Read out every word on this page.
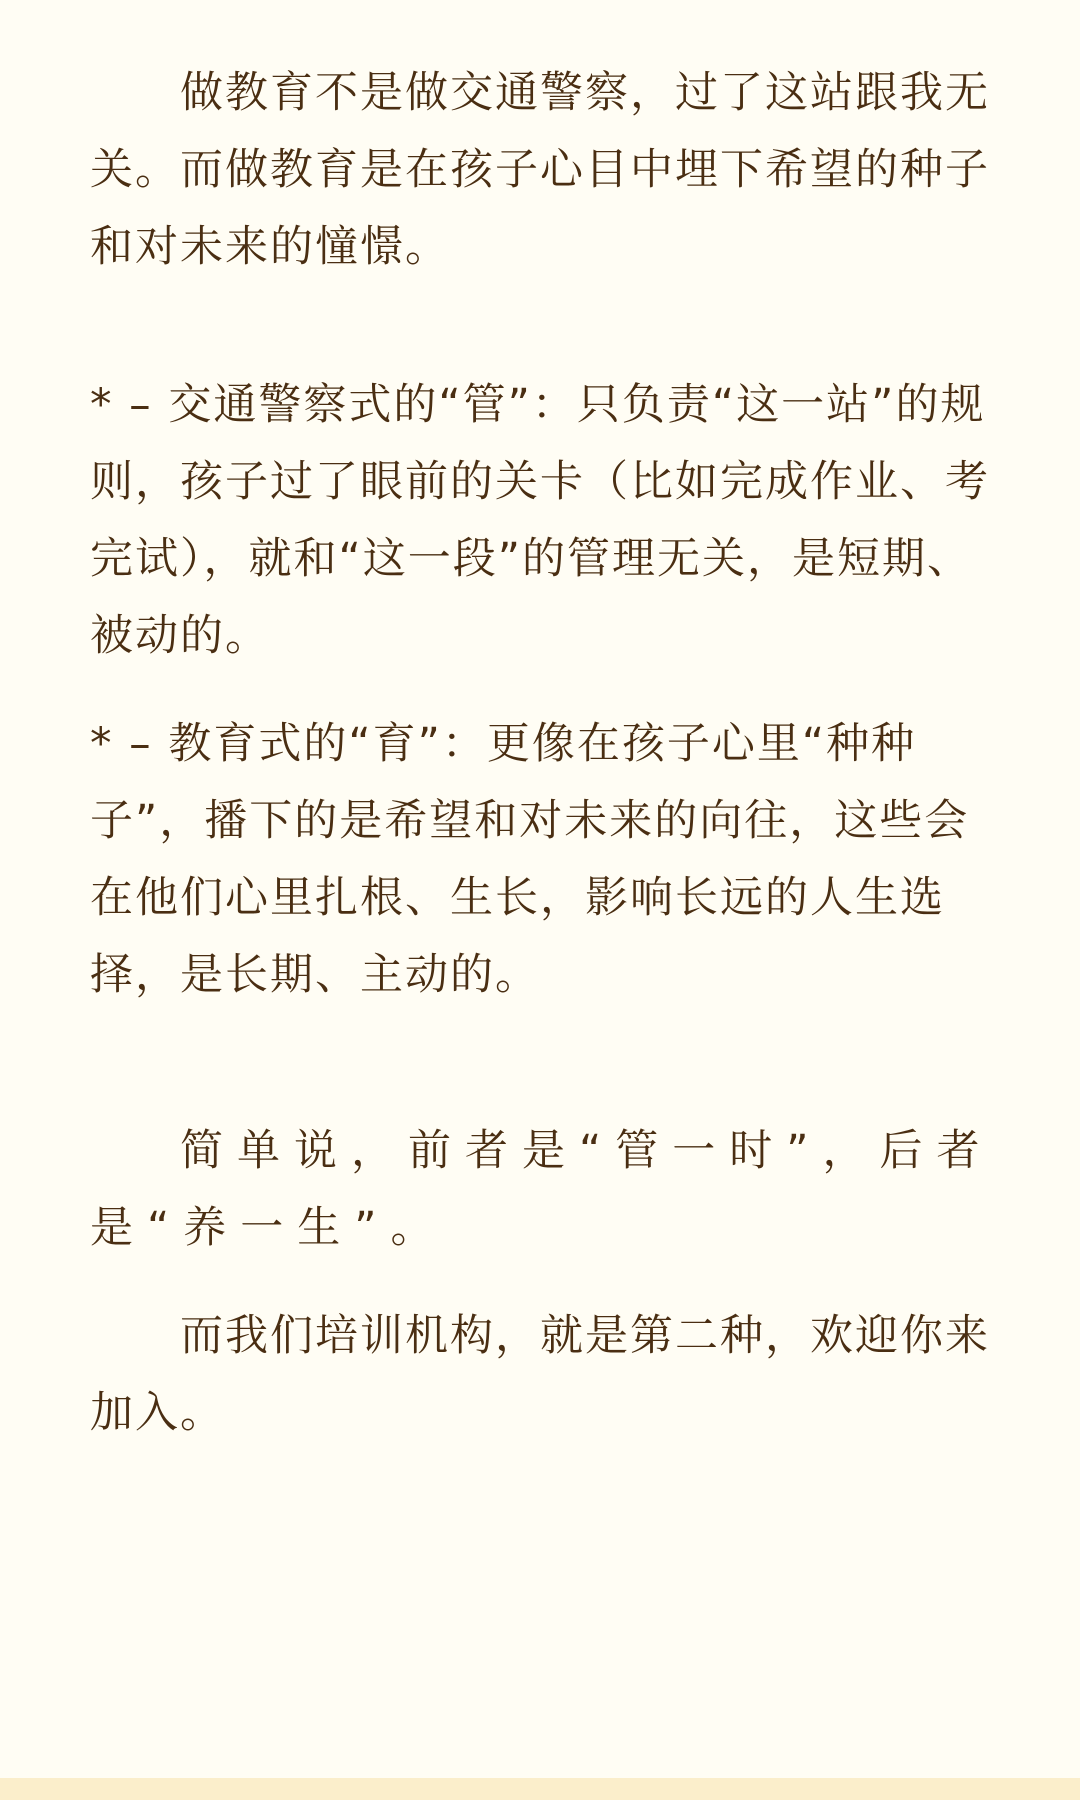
做教育不是做交通警察，过了这站跟我无关。而做教育是在孩子心目中埋下希望的种子和对未来的憧憬。

* – 交通警察式的“管”：只负责“这一站”的规则，孩子过了眼前的关卡（比如完成作业、考完试），就和“这一段”的管理无关，是短期、被动的。

* – 教育式的“育”：更像在孩子心里“种种子”，播下的是希望和对未来的向往，这些会在他们心里扎根、生长，影响长远的人生选择，是长期、主动的。

简单说，前者是“管一时”，后者是“养一生”。

而我们培训机构，就是第二种，欢迎你来加入。
